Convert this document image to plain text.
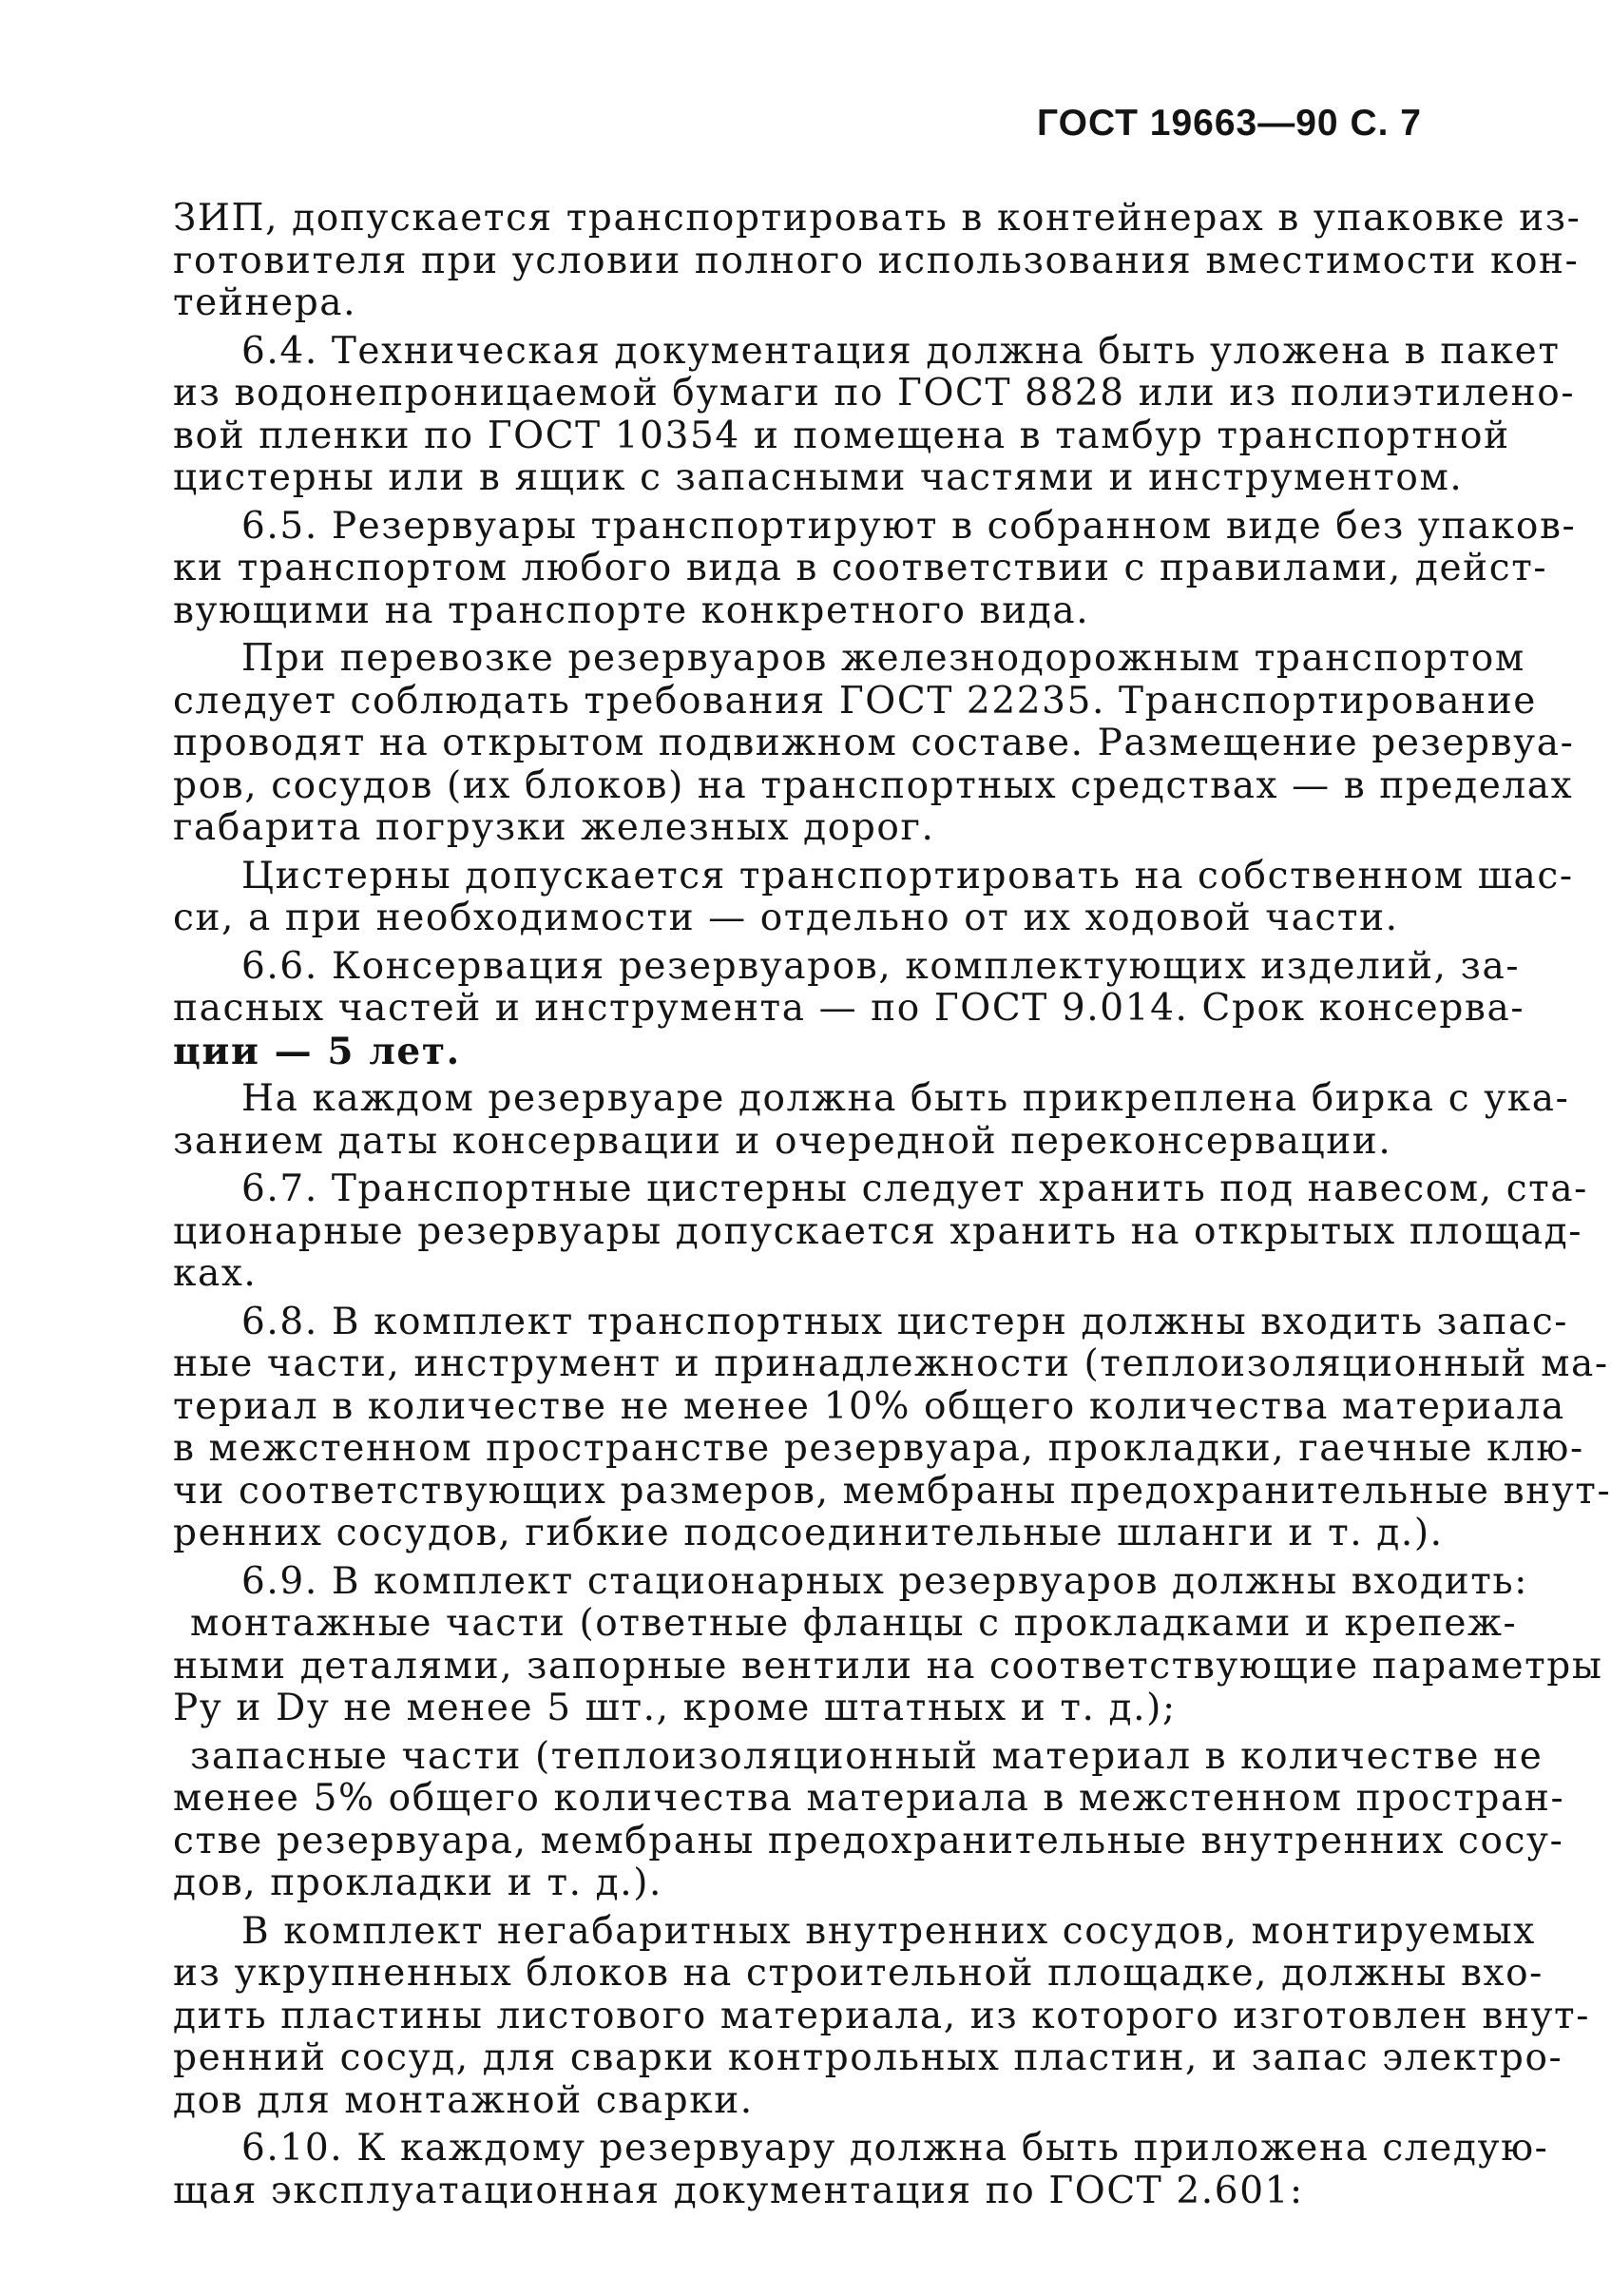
ГОСТ 19663—90 С. 7
ЗИП, допускается транспортировать в контейнерах в упаковке из-
готовителя при условии полного использования вместимости кон-
тейнера.
6.4. Техническая документация должна быть уложена в пакет
из водонепроницаемой бумаги по ГОСТ 8828 или из полиэтилено-
вой пленки по ГОСТ 10354 и помещена в тамбур транспортной
цистерны или в ящик с запасными частями и инструментом.
6.5. Резервуары транспортируют в собранном виде без упаков-
ки транспортом любого вида в соответствии с правилами, дейст-
вующими на транспорте конкретного вида.
При перевозке резервуаров железнодорожным транспортом
следует соблюдать требования ГОСТ 22235. Транспортирование
проводят на открытом подвижном составе. Размещение резервуа-
ров, сосудов (их блоков) на транспортных средствах — в пределах
габарита погрузки железных дорог.
Цистерны допускается транспортировать на собственном шас-
си, а при необходимости — отдельно от их ходовой части.
6.6. Консервация резервуаров, комплектующих изделий, за-
пасных частей и инструмента — по ГОСТ 9.014. Срок консерва-
ции — 5 лет.
На каждом резервуаре должна быть прикреплена бирка с ука-
занием даты консервации и очередной переконсервации.
6.7. Транспортные цистерны следует хранить под навесом, ста-
ционарные резервуары допускается хранить на открытых площад-
ках.
6.8. В комплект транспортных цистерн должны входить запас-
ные части, инструмент и принадлежности (теплоизоляционный ма-
териал в количестве не менее 10% общего количества материала
в межстенном пространстве резервуара, прокладки, гаечные клю-
чи соответствующих размеров, мембраны предохранительные внут-
ренних сосудов, гибкие подсоединительные шланги и т. д.).
6.9. В комплект стационарных резервуаров должны входить:
монтажные части (ответные фланцы с прокладками и крепеж-
ными деталями, запорные вентили на соответствующие параметры
Pу и Dу не менее 5 шт., кроме штатных и т. д.);
запасные части (теплоизоляционный материал в количестве не
менее 5% общего количества материала в межстенном простран-
стве резервуара, мембраны предохранительные внутренних сосу-
дов, прокладки и т. д.).
В комплект негабаритных внутренних сосудов, монтируемых
из укрупненных блоков на строительной площадке, должны вхо-
дить пластины листового материала, из которого изготовлен внут-
ренний сосуд, для сварки контрольных пластин, и запас электро-
дов для монтажной сварки.
6.10. К каждому резервуару должна быть приложена следую-
щая эксплуатационная документация по ГОСТ 2.601:
